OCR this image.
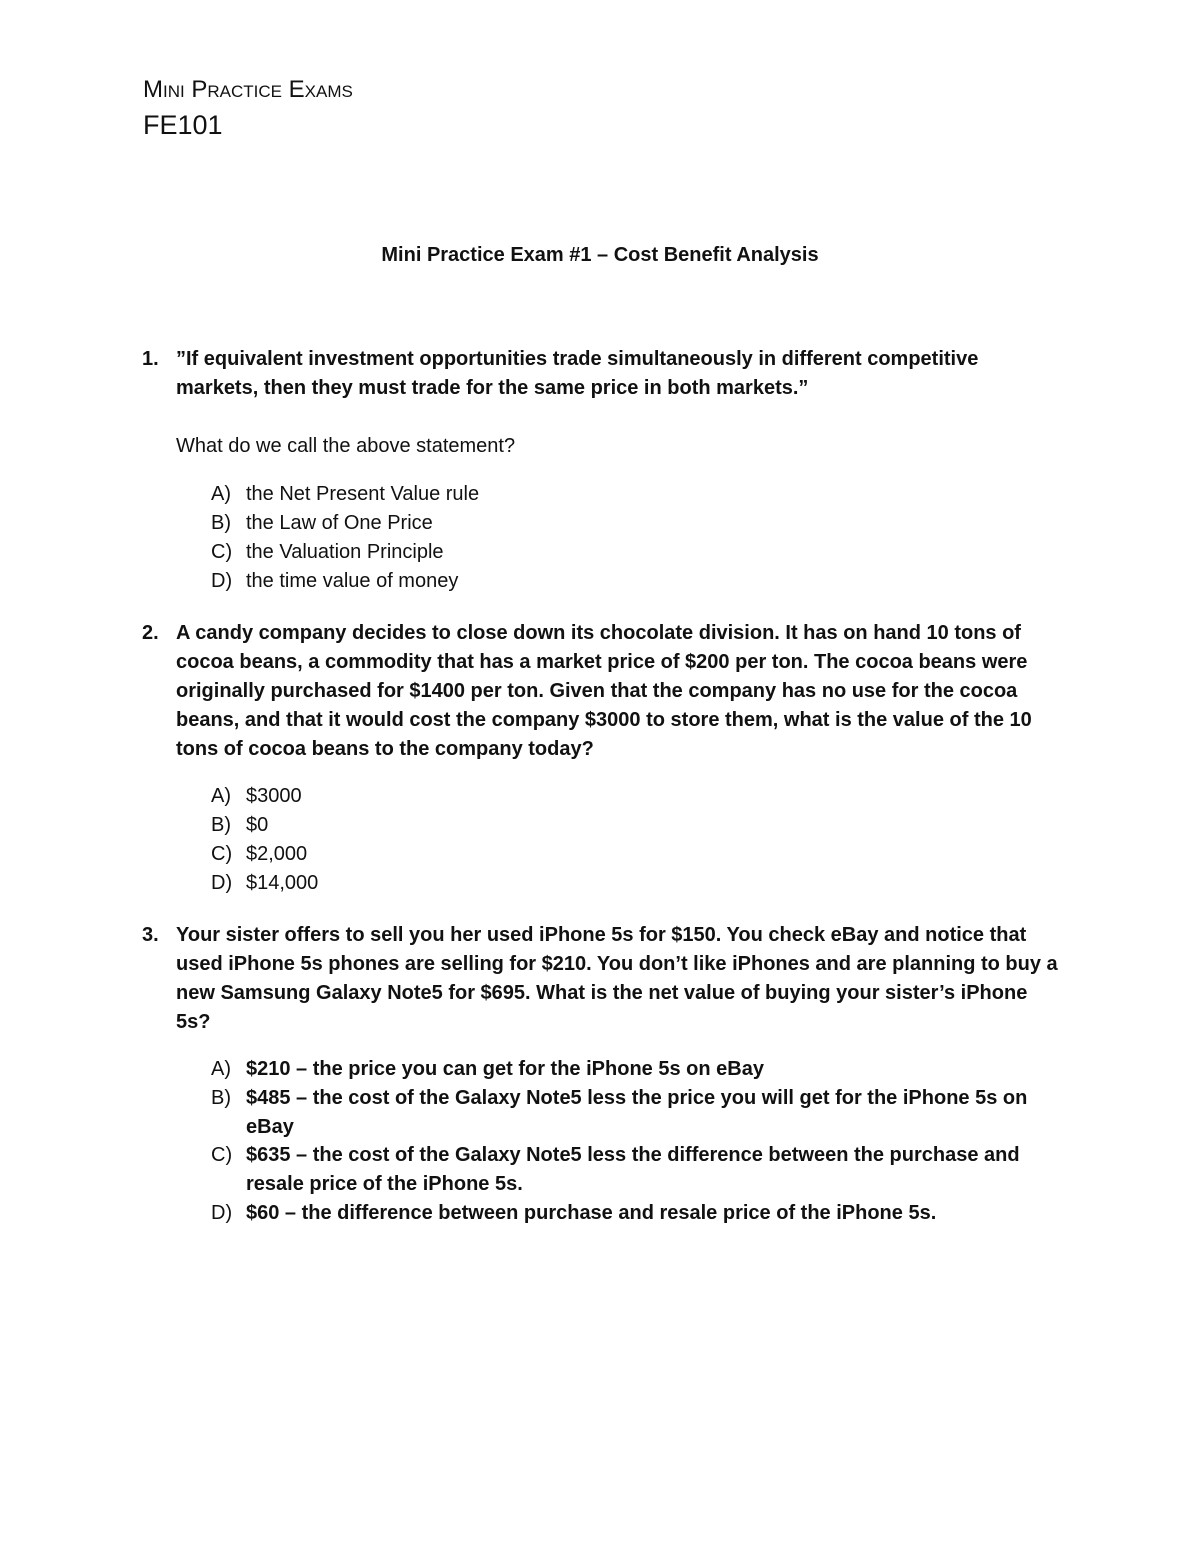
Mini Practice Exams
FE101
Mini Practice Exam #1 – Cost Benefit Analysis
1. ”If equivalent investment opportunities trade simultaneously in different competitive
markets, then they must trade for the same price in both markets.”
What do we call the above statement?
A) the Net Present Value rule
B) the Law of One Price
C) the Valuation Principle
D) the time value of money
2. A candy company decides to close down its chocolate division. It has on hand 10 tons of
cocoa beans, a commodity that has a market price of $200 per ton. The cocoa beans were
originally purchased for $1400 per ton. Given that the company has no use for the cocoa
beans, and that it would cost the company $3000 to store them, what is the value of the 10
tons of cocoa beans to the company today?
A) $3000
B) $0
C) $2,000
D) $14,000
3. Your sister offers to sell you her used iPhone 5s for $150. You check eBay and notice that
used iPhone 5s phones are selling for $210. You don’t like iPhones and are planning to buy a
new Samsung Galaxy Note5 for $695. What is the net value of buying your sister’s iPhone
5s?
A) $210 – the price you can get for the iPhone 5s on eBay
B) $485 – the cost of the Galaxy Note5 less the price you will get for the iPhone 5s on
eBay
C) $635 – the cost of the Galaxy Note5 less the difference between the purchase and
resale price of the iPhone 5s.
D) $60 – the difference between purchase and resale price of the iPhone 5s.
